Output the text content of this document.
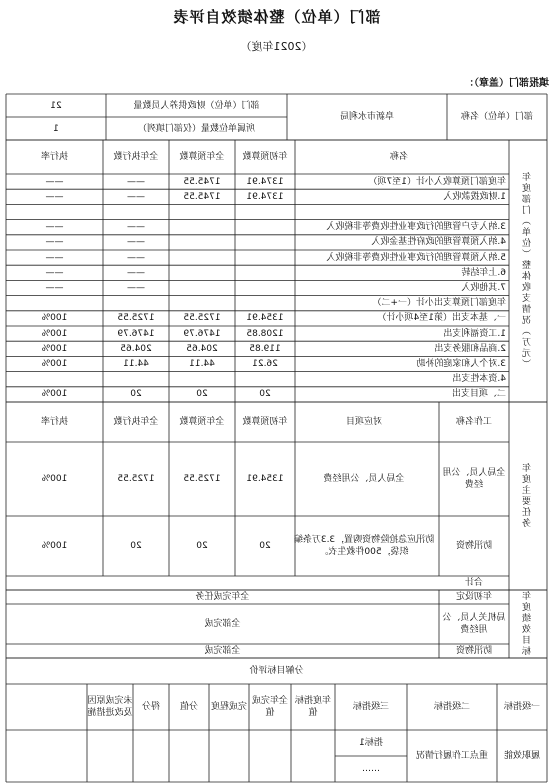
部门（单位）整体绩效自评表
（2021年度）
填报部门（盖章）：
部门（单位）名称
阜新市水利局
部门（单位）财政供养人员数量
21
所属单位数量（仅部门填列）
1
年度部门（单位）整体收支情况（万元）
名称
年初预算数
全年预算数
全年执行数
执行率
年度部门预算收入小计（1至7项）
1374.91
1745.55
——
——
1.财政拨款收入
1374.91
1745.55
——
——
3.纳入专户管理的行政事业性收费等非税收入
——
——
4.纳入预算管理的政府性基金收入
——
——
5.纳入预算管理的行政事业性收费等非税收入
——
——
6.上年结转
——
——
7.其他收入
——
——
年度部门预算支出小计（一+二）
一、基本支出（第1至4项小计）
1354.91
1725.55
1725.55
100%
1.工资福利支出
1208.85
1476.79
1476.79
100%
2.商品和服务支出
119.85
204.65
204.65
100%
3.对个人和家庭的补助
26.21
44.11
44.11
100%
4.资本性支出
二、项目支出
20
20
20
100%
年度主要任务
工作名称
对应项目
年初预算数
全年预算数
全年执行数
执行率
全局人员、公用经费
全局人员、公用经费
1354.91
1725.55
1725.55
100%
防汛物资
防汛应急抢险物资购置，3.3万条编织袋，500件救生衣。
20
20
20
100%
合计
年度绩效目标
年初设定
全年完成任务
局机关人员、公用经费
全部完成
防汛物资
全部完成
分解目标评价
一级指标
二级指标
三级指标
年度指标值
全年完成值
完成程度
分值
得分
未完成原因及改进措施
履职效能
重点工作履行情况
指标1
……
